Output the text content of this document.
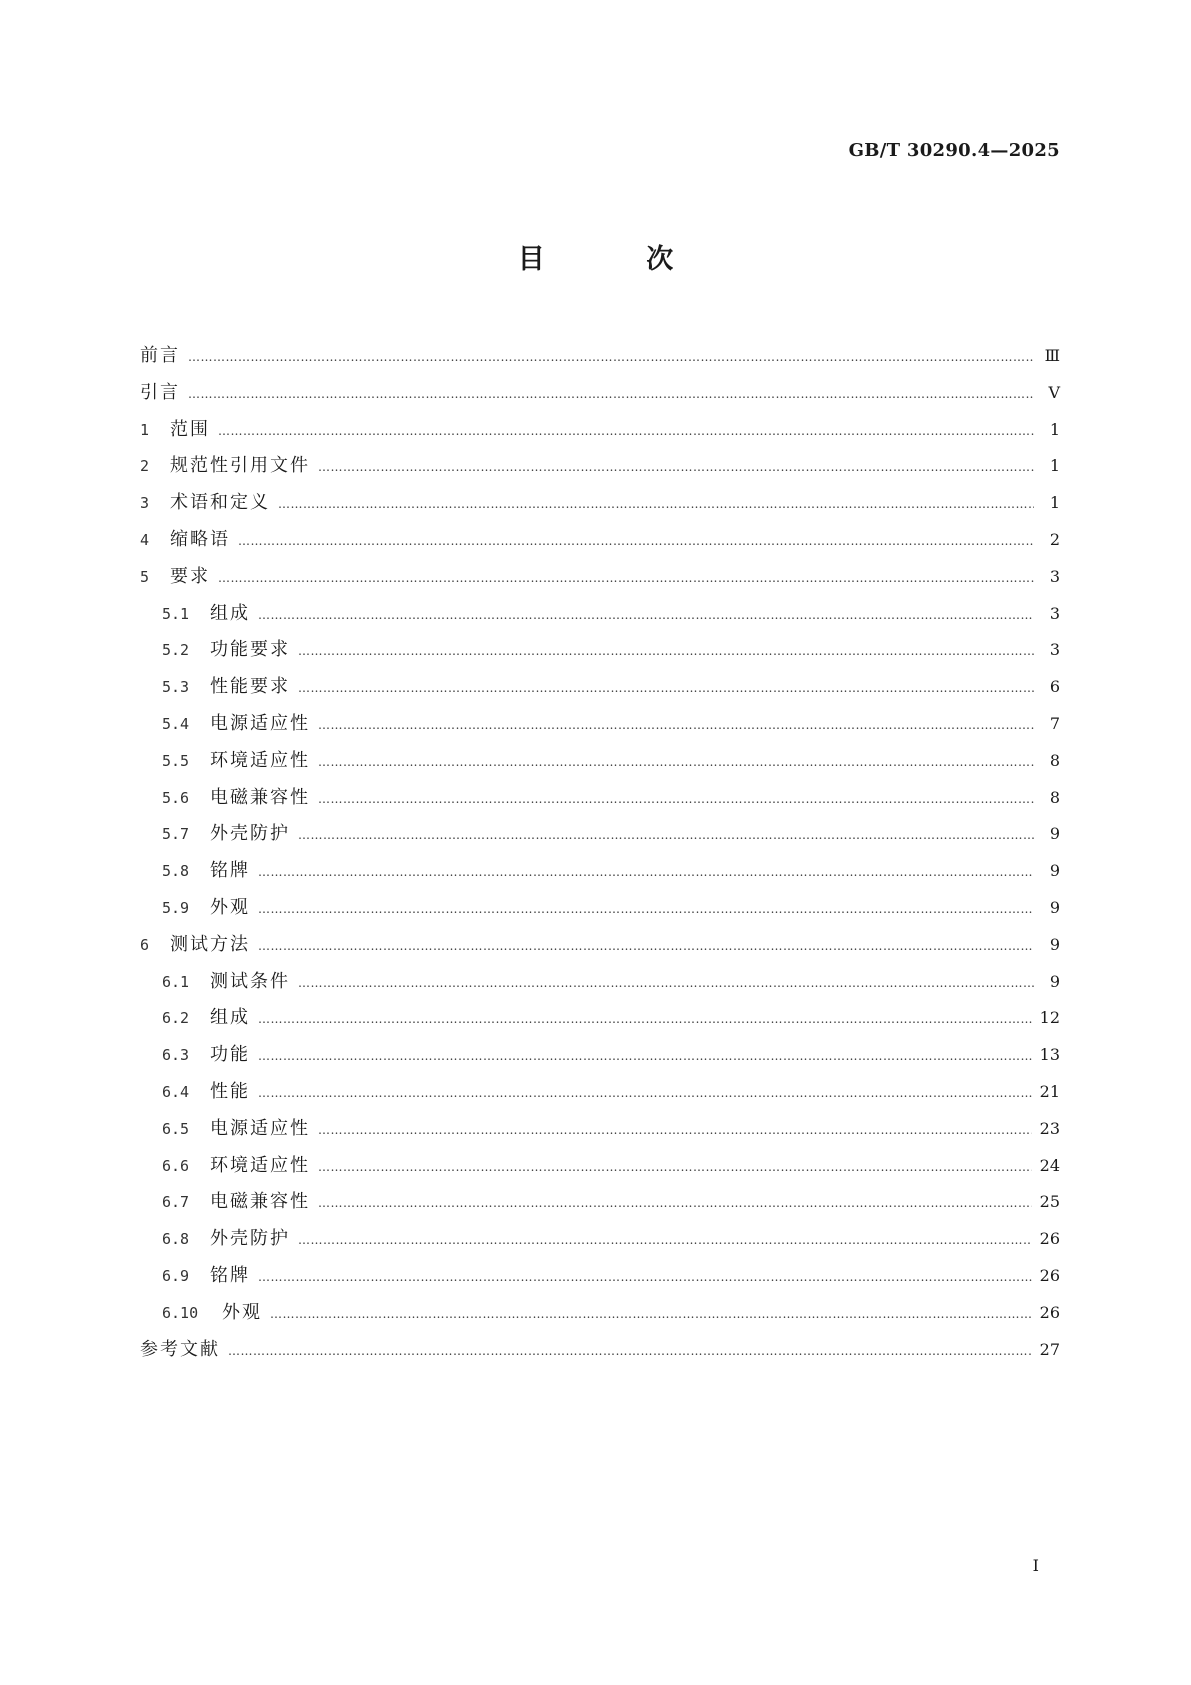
GB/T 30290.4—2025
目 次
前言 …………………………………………………………………………………………………………………………………………………………………………………………………………	Ⅲ
引言 …………………………………………………………………………………………………………………………………………………………………………………………………………	Ⅴ
1	范围 …………………………………………………………………………………………………………………………………………………………………………………………………………	1
2	规范性引用文件 …………………………………………………………………………………………………………………………………………………………………………………………………………	1
3	术语和定义 …………………………………………………………………………………………………………………………………………………………………………………………………………	1
4	缩略语 …………………………………………………………………………………………………………………………………………………………………………………………………………	2
5	要求 …………………………………………………………………………………………………………………………………………………………………………………………………………	3
5.1	组成 …………………………………………………………………………………………………………………………………………………………………………………………………………	3
5.2	功能要求 …………………………………………………………………………………………………………………………………………………………………………………………………………	3
5.3	性能要求 …………………………………………………………………………………………………………………………………………………………………………………………………………	6
5.4	电源适应性 …………………………………………………………………………………………………………………………………………………………………………………………………………	7
5.5	环境适应性 …………………………………………………………………………………………………………………………………………………………………………………………………………	8
5.6	电磁兼容性 …………………………………………………………………………………………………………………………………………………………………………………………………………	8
5.7	外壳防护 …………………………………………………………………………………………………………………………………………………………………………………………………………	9
5.8	铭牌 …………………………………………………………………………………………………………………………………………………………………………………………………………	9
5.9	外观 …………………………………………………………………………………………………………………………………………………………………………………………………………	9
6	测试方法 …………………………………………………………………………………………………………………………………………………………………………………………………………	9
6.1	测试条件 …………………………………………………………………………………………………………………………………………………………………………………………………………	9
6.2	组成 …………………………………………………………………………………………………………………………………………………………………………………………………………	12
6.3	功能 …………………………………………………………………………………………………………………………………………………………………………………………………………	13
6.4	性能 …………………………………………………………………………………………………………………………………………………………………………………………………………	21
6.5	电源适应性 …………………………………………………………………………………………………………………………………………………………………………………………………………	23
6.6	环境适应性 …………………………………………………………………………………………………………………………………………………………………………………………………………	24
6.7	电磁兼容性 …………………………………………………………………………………………………………………………………………………………………………………………………………	25
6.8	外壳防护 …………………………………………………………………………………………………………………………………………………………………………………………………………	26
6.9	铭牌 …………………………………………………………………………………………………………………………………………………………………………………………………………	26
6.10	外观 …………………………………………………………………………………………………………………………………………………………………………………………………………	26
参考文献 …………………………………………………………………………………………………………………………………………………………………………………………………………	27
I
